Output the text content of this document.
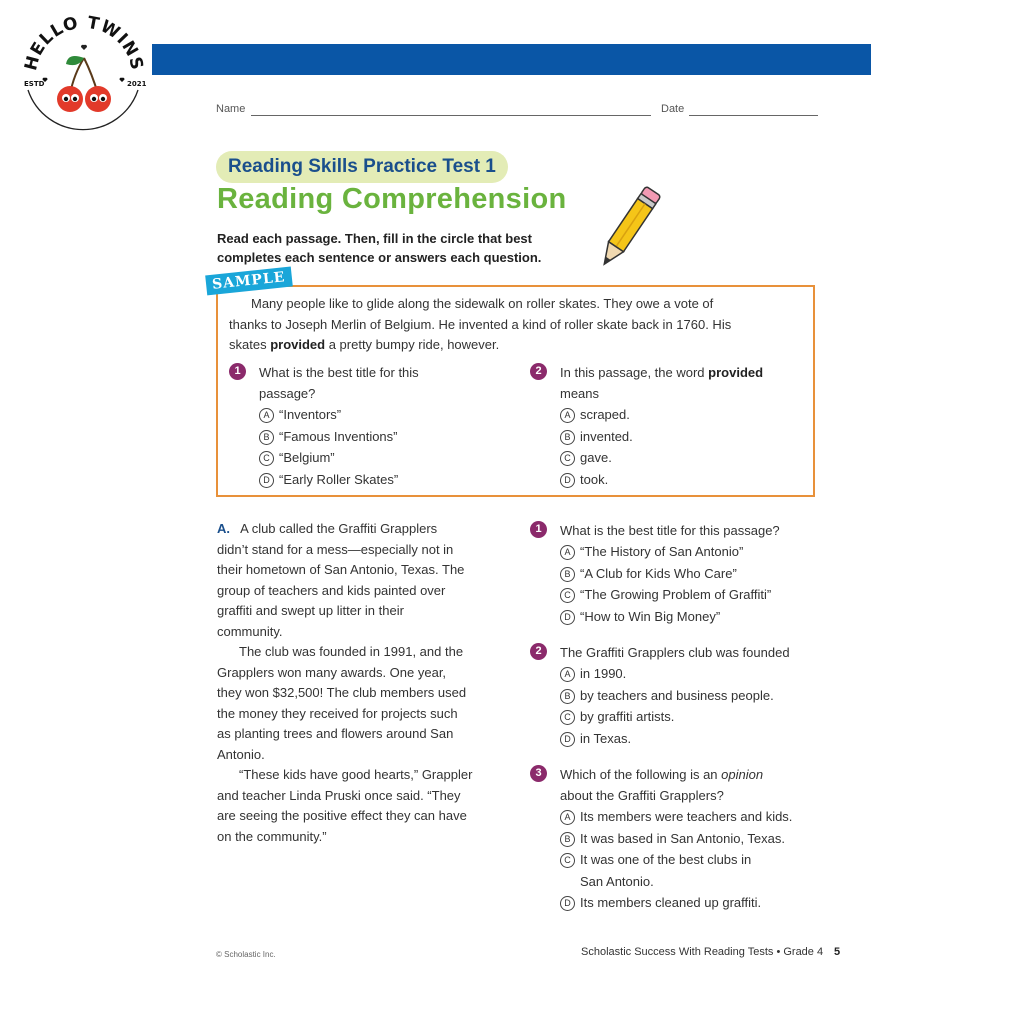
HELLO TWINS
ESTD	2021
Name	Date
Reading Skills Practice Test 1
Reading Comprehension
Read each passage. Then, fill in the circle that best completes each sentence or answers each question.
SAMPLE
Many people like to glide along the sidewalk on roller skates. They owe a vote of
thanks to Joseph Merlin of Belgium. He invented a kind of roller skate back in 1760. His
skates provided a pretty bumpy ride, however.
1	What is the best title for this
passage?
A “Inventors”
B “Famous Inventions”
C “Belgium”
D “Early Roller Skates”
2	In this passage, the word provided
means
A scraped.
B invented.
C gave.
D took.
A. A club called the Graffiti Grapplers
didn’t stand for a mess—especially not in
their hometown of San Antonio, Texas. The
group of teachers and kids painted over
graffiti and swept up litter in their
community.
The club was founded in 1991, and the
Grapplers won many awards. One year,
they won $32,500! The club members used
the money they received for projects such
as planting trees and flowers around San
Antonio.
“These kids have good hearts,” Grappler
and teacher Linda Pruski once said. “They
are seeing the positive effect they can have
on the community.”
1	What is the best title for this passage?
A “The History of San Antonio”
B “A Club for Kids Who Care”
C “The Growing Problem of Graffiti”
D “How to Win Big Money”
2	The Graffiti Grapplers club was founded
A in 1990.
B by teachers and business people.
C by graffiti artists.
D in Texas.
3	Which of the following is an opinion
about the Graffiti Grapplers?
A Its members were teachers and kids.
B It was based in San Antonio, Texas.
C It was one of the best clubs in
San Antonio.
D Its members cleaned up graffiti.
© Scholastic Inc.	Scholastic Success With Reading Tests • Grade 4 5
